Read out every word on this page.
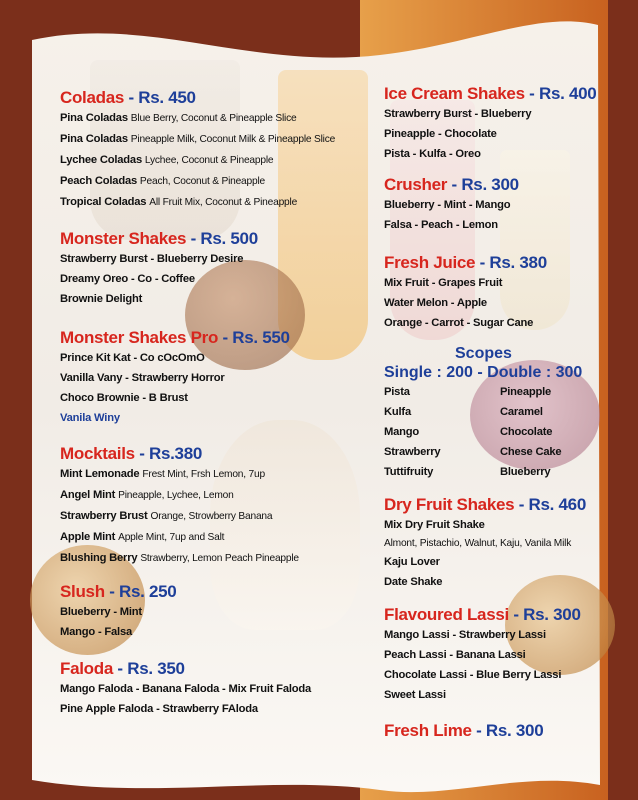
Coladas - Rs. 450
Pina Coladas Blue Berry, Coconut & Pineapple Slice
Pina Coladas Pineapple Milk, Coconut Milk & Pineapple Slice
Lychee Coladas Lychee, Coconut & Pineapple
Peach Coladas Peach, Coconut & Pineapple
Tropical Coladas All Fruit Mix, Coconut & Pineapple
Monster Shakes - Rs. 500
Strawberry Burst - Blueberry Desire
Dreamy Oreo - Co - Coffee
Brownie Delight
Monster Shakes Pro - Rs. 550
Prince Kit Kat - Co cOcOmO
Vanilla Vany - Strawberry Horror
Choco Brownie - B Brust
Vanila Winy
Mocktails - Rs.380
Mint Lemonade Frest Mint, Frsh Lemon, 7up
Angel Mint Pineapple, Lychee, Lemon
Strawberry Brust Orange, Strowberry Banana
Apple Mint Apple Mint, 7up and Salt
Blushing Berry Strawberry, Lemon Peach Pineapple
Slush - Rs. 250
Blueberry - Mint
Mango - Falsa
Faloda - Rs. 350
Mango Faloda - Banana Faloda - Mix Fruit Faloda
Pine Apple Faloda - Strawberry FAloda
Ice Cream Shakes - Rs. 400
Strawberry Burst - Blueberry
Pineapple - Chocolate
Pista - Kulfa - Oreo
Crusher - Rs. 300
Blueberry - Mint - Mango
Falsa - Peach - Lemon
Fresh Juice - Rs. 380
Mix Fruit - Grapes Fruit
Water Melon - Apple
Orange - Carrot - Sugar Cane
Scopes
Single : 200 - Double : 300
Pista	Pineapple
Kulfa	Caramel
Mango	Chocolate
Strawberry	Chese Cake
Tuttifruity	Blueberry
Dry Fruit Shakes - Rs. 460
Mix Dry Fruit Shake
Almont, Pistachio, Walnut, Kaju, Vanila Milk
Kaju Lover
Date Shake
Flavoured Lassi - Rs. 300
Mango Lassi - Strawberry Lassi
Peach Lassi - Banana Lassi
Chocolate Lassi - Blue Berry Lassi
Sweet Lassi
Fresh Lime - Rs. 300
